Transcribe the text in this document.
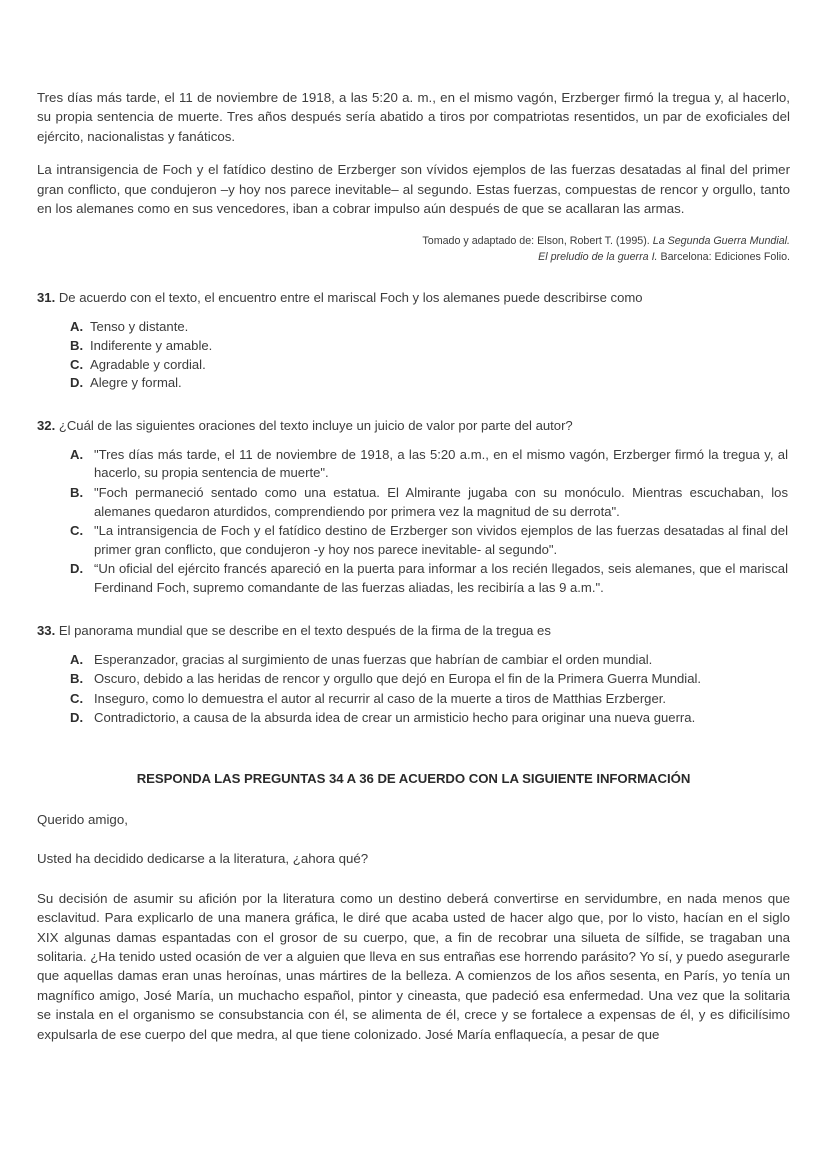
Tres días más tarde, el 11 de noviembre de 1918, a las 5:20 a. m., en el mismo vagón, Erzberger firmó la tregua y, al hacerlo, su propia sentencia de muerte. Tres años después sería abatido a tiros por compatriotas resentidos, un par de exoficiales del ejército, nacionalistas y fanáticos.

La intransigencia de Foch y el fatídico destino de Erzberger son vívidos ejemplos de las fuerzas desatadas al final del primer gran conflicto, que condujeron –y hoy nos parece inevitable– al segundo. Estas fuerzas, compuestas de rencor y orgullo, tanto en los alemanes como en sus vencedores, iban a cobrar impulso aún después de que se acallaran las armas.

Tomado y adaptado de: Elson, Robert T. (1995). La Segunda Guerra Mundial.
El preludio de la guerra I. Barcelona: Ediciones Folio.
31. De acuerdo con el texto, el encuentro entre el mariscal Foch y los alemanes puede describirse como
A. Tenso y distante.
B. Indiferente y amable.
C. Agradable y cordial.
D. Alegre y formal.
32. ¿Cuál de las siguientes oraciones del texto incluye un juicio de valor por parte del autor?
A. "Tres días más tarde, el 11 de noviembre de 1918, a las 5:20 a.m., en el mismo vagón, Erzberger firmó la tregua y, al hacerlo, su propia sentencia de muerte".
B. "Foch permaneció sentado como una estatua. El Almirante jugaba con su monóculo. Mientras escuchaban, los alemanes quedaron aturdidos, comprendiendo por primera vez la magnitud de su derrota".
C. "La intransigencia de Foch y el fatídico destino de Erzberger son vividos ejemplos de las fuerzas desatadas al final del primer gran conflicto, que condujeron -y hoy nos parece inevitable- al segundo".
D. “Un oficial del ejército francés apareció en la puerta para informar a los recién llegados, seis alemanes, que el mariscal Ferdinand Foch, supremo comandante de las fuerzas aliadas, les recibiría a las 9 a.m.".
33. El panorama mundial que se describe en el texto después de la firma de la tregua es
A. Esperanzador, gracias al surgimiento de unas fuerzas que habrían de cambiar el orden mundial.
B. Oscuro, debido a las heridas de rencor y orgullo que dejó en Europa el fin de la Primera Guerra Mundial.
C. Inseguro, como lo demuestra el autor al recurrir al caso de la muerte a tiros de Matthias Erzberger.
D. Contradictorio, a causa de la absurda idea de crear un armisticio hecho para originar una nueva guerra.
RESPONDA LAS PREGUNTAS 34 A 36 DE ACUERDO CON LA SIGUIENTE INFORMACIÓN

Querido amigo,

Usted ha decidido dedicarse a la literatura, ¿ahora qué?

Su decisión de asumir su afición por la literatura como un destino deberá convertirse en servidumbre, en nada menos que esclavitud. Para explicarlo de una manera gráfica, le diré que acaba usted de hacer algo que, por lo visto, hacían en el siglo XIX algunas damas espantadas con el grosor de su cuerpo, que, a fin de recobrar una silueta de sílfide, se tragaban una solitaria. ¿Ha tenido usted ocasión de ver a alguien que lleva en sus entrañas ese horrendo parásito? Yo sí, y puedo asegurarle que aquellas damas eran unas heroínas, unas mártires de la belleza. A comienzos de los años sesenta, en París, yo tenía un magnífico amigo, José María, un muchacho español, pintor y cineasta, que padeció esa enfermedad. Una vez que la solitaria se instala en el organismo se consubstancia con él, se alimenta de él, crece y se fortalece a expensas de él, y es dificilísimo expulsarla de ese cuerpo del que medra, al que tiene colonizado. José María enflaquecía, a pesar de que
